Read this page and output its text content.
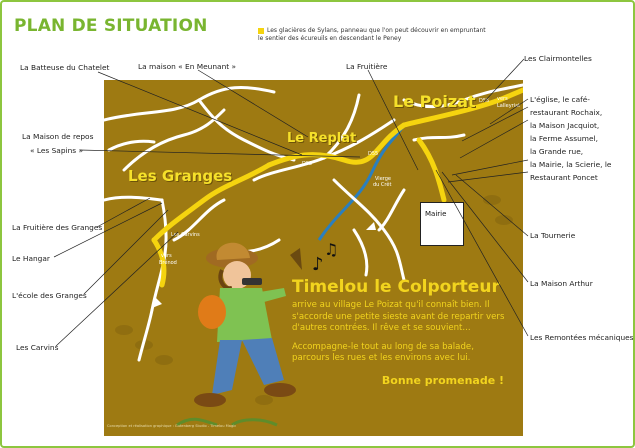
PLAN DE SITUATION	Les glacières de Sylans, panneau que l'on peut découvrir en empruntant le sentier des écureuils en descendant le Peney
La Batteuse du Chatelet	La maison « En Meunant »	La Fruitière
Les Clairmontelles
La Maison de repos
« Les Sapins »
L'église, le café-
restaurant Rochaix,
la Maison Jacquiot,
la Ferme Assumel,
la Grande rue,
la Mairie, la Scierie, le
Restaurant Poncet
La Fruitière des Granges
La Tournerie
Le Hangar
La Maison Arthur
L'école des Granges
Les Remontées mécaniques
Les Carvins
Le Poizat
Le Replat
Les Granges
vers
Lalleyriat
vers
Brénod
Les Carvins
Vierge
du Crêt
D55
D55
D55
Mairie
♪
♫
Timelou le Colporteur
arrive au village Le Poizat qu'il connaît bien. Il s'accorde une petite sieste avant de repartir vers d'autres contrées. Il rêve et se souvient...
Accompagne-le tout au long de sa balade, parcours les rues et les environs avec lui.
Bonne promenade !
Conception et réalisation graphique : Gutenberg Studio - Timelou Magic
